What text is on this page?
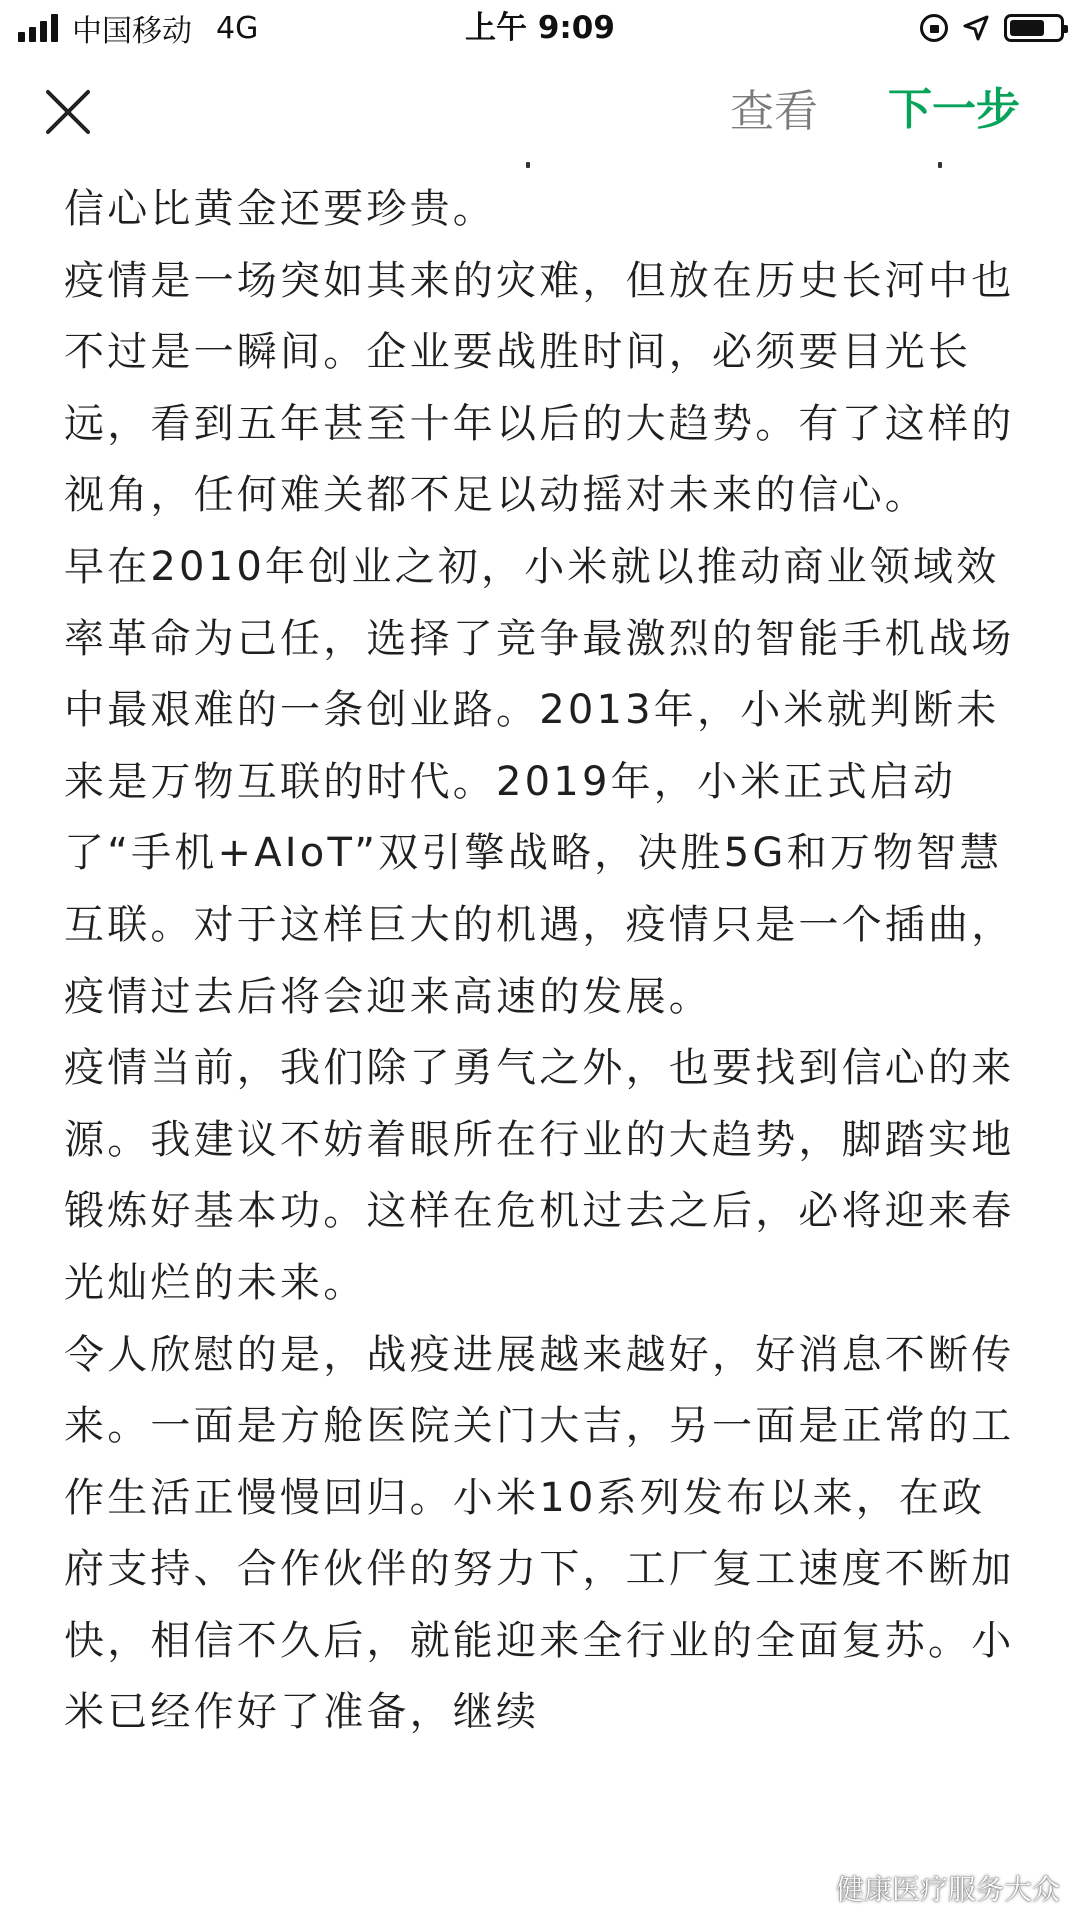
中国移动 4G	上午 9:09
查看 下一步

信心比黄金还要珍贵。

疫情是一场突如其来的灾难，但放在历史长河中也不过是一瞬间。企业要战胜时间，必须要目光长远，看到五年甚至十年以后的大趋势。有了这样的视角，任何难关都不足以动摇对未来的信心。

早在2010年创业之初，小米就以推动商业领域效率革命为己任，选择了竞争最激烈的智能手机战场中最艰难的一条创业路。2013年，小米就判断未来是万物互联的时代。2019年，小米正式启动了“手机+AIoT”双引擎战略，决胜5G和万物智慧互联。对于这样巨大的机遇，疫情只是一个插曲，疫情过去后将会迎来高速的发展。

疫情当前，我们除了勇气之外，也要找到信心的来源。我建议不妨着眼所在行业的大趋势，脚踏实地锻炼好基本功。这样在危机过去之后，必将迎来春光灿烂的未来。

令人欣慰的是，战疫进展越来越好，好消息不断传来。一面是方舱医院关门大吉，另一面是正常的工作生活正慢慢回归。小米10系列发布以来，在政府支持、合作伙伴的努力下，工厂复工速度不断加快，相信不久后，就能迎来全行业的全面复苏。小米已经作好了准备，继续

健康医疗服务大众
